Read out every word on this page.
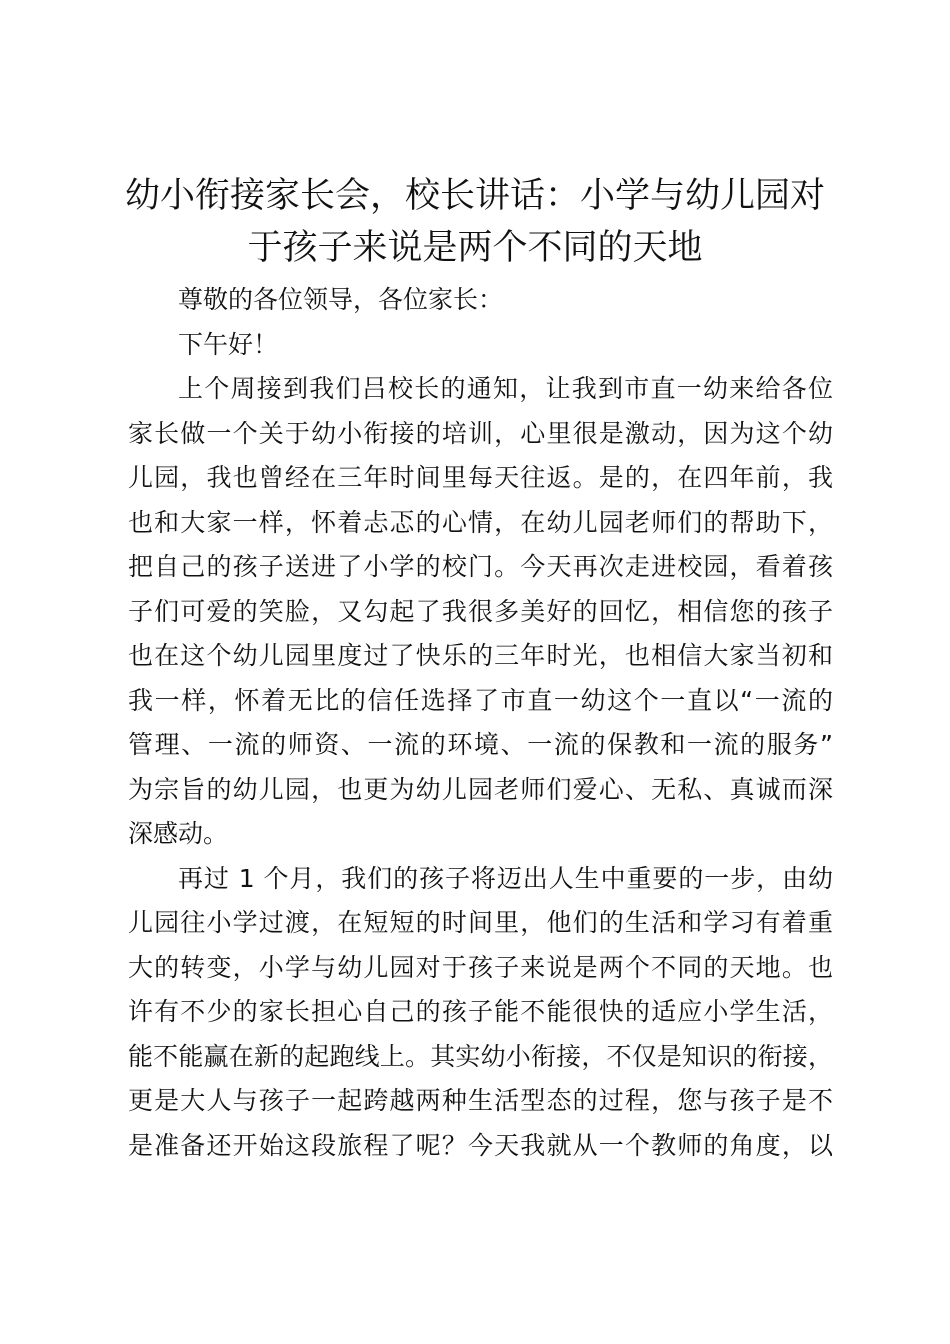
幼小衔接家长会，校长讲话：小学与幼儿园对
于孩子来说是两个不同的天地
尊敬的各位领导，各位家长：
下午好！
上个周接到我们吕校长的通知，让我到市直一幼来给各位
家长做一个关于幼小衔接的培训，心里很是激动，因为这个幼
儿园，我也曾经在三年时间里每天往返。是的，在四年前，我
也和大家一样，怀着忐忑的心情，在幼儿园老师们的帮助下，
把自己的孩子送进了小学的校门。今天再次走进校园，看着孩
子们可爱的笑脸，又勾起了我很多美好的回忆，相信您的孩子
也在这个幼儿园里度过了快乐的三年时光，也相信大家当初和
我一样，怀着无比的信任选择了市直一幼这个一直以“一流的
管理、一流的师资、一流的环境、一流的保教和一流的服务”
为宗旨的幼儿园，也更为幼儿园老师们爱心、无私、真诚而深
深感动。
再过 1 个月，我们的孩子将迈出人生中重要的一步，由幼
儿园往小学过渡，在短短的时间里，他们的生活和学习有着重
大的转变，小学与幼儿园对于孩子来说是两个不同的天地。也
许有不少的家长担心自己的孩子能不能很快的适应小学生活，
能不能赢在新的起跑线上。其实幼小衔接，不仅是知识的衔接，
更是大人与孩子一起跨越两种生活型态的过程，您与孩子是不
是准备还开始这段旅程了呢？今天我就从一个教师的角度，以
